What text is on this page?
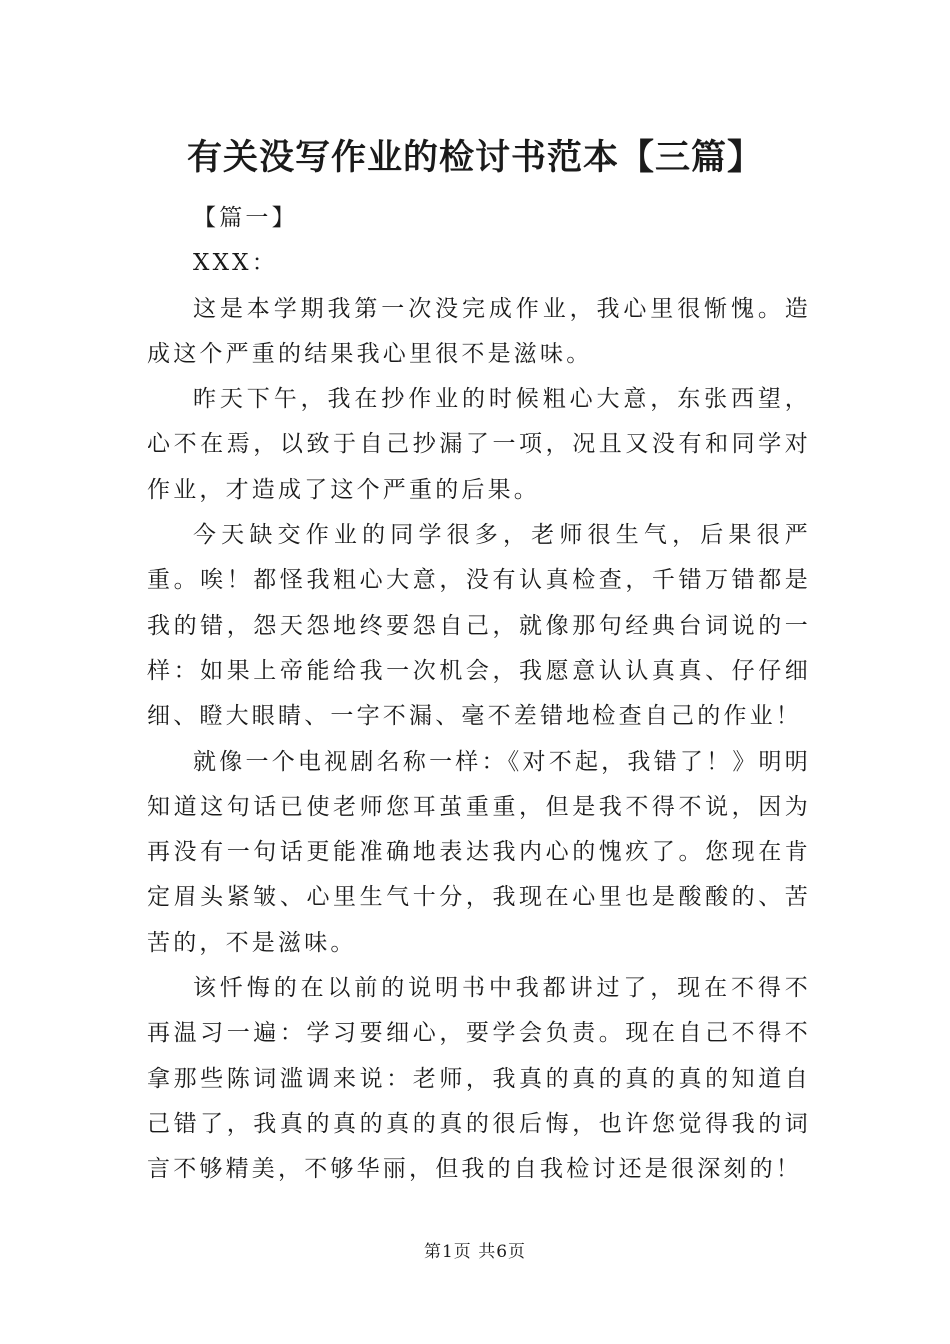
有关没写作业的检讨书范本【三篇】

【篇一】

XXX：

这是本学期我第一次没完成作业，我心里很惭愧。造成这个严重的结果我心里很不是滋味。

昨天下午，我在抄作业的时候粗心大意，东张西望，心不在焉，以致于自己抄漏了一项，况且又没有和同学对作业，才造成了这个严重的后果。

今天缺交作业的同学很多，老师很生气，后果很严重。唉！都怪我粗心大意，没有认真检查，千错万错都是我的错，怨天怨地终要怨自己，就像那句经典台词说的一样：如果上帝能给我一次机会，我愿意认认真真、仔仔细细、瞪大眼睛、一字不漏、毫不差错地检查自己的作业！

就像一个电视剧名称一样：《对不起，我错了！》明明知道这句话已使老师您耳茧重重，但是我不得不说，因为再没有一句话更能准确地表达我内心的愧疚了。您现在肯定眉头紧皱、心里生气十分，我现在心里也是酸酸的、苦苦的，不是滋味。

该忏悔的在以前的说明书中我都讲过了，现在不得不再温习一遍：学习要细心，要学会负责。现在自己不得不拿那些陈词滥调来说：老师，我真的真的真的真的知道自己错了，我真的真的真的真的很后悔，也许您觉得我的词言不够精美，不够华丽，但我的自我检讨还是很深刻的！

第1页 共6页
